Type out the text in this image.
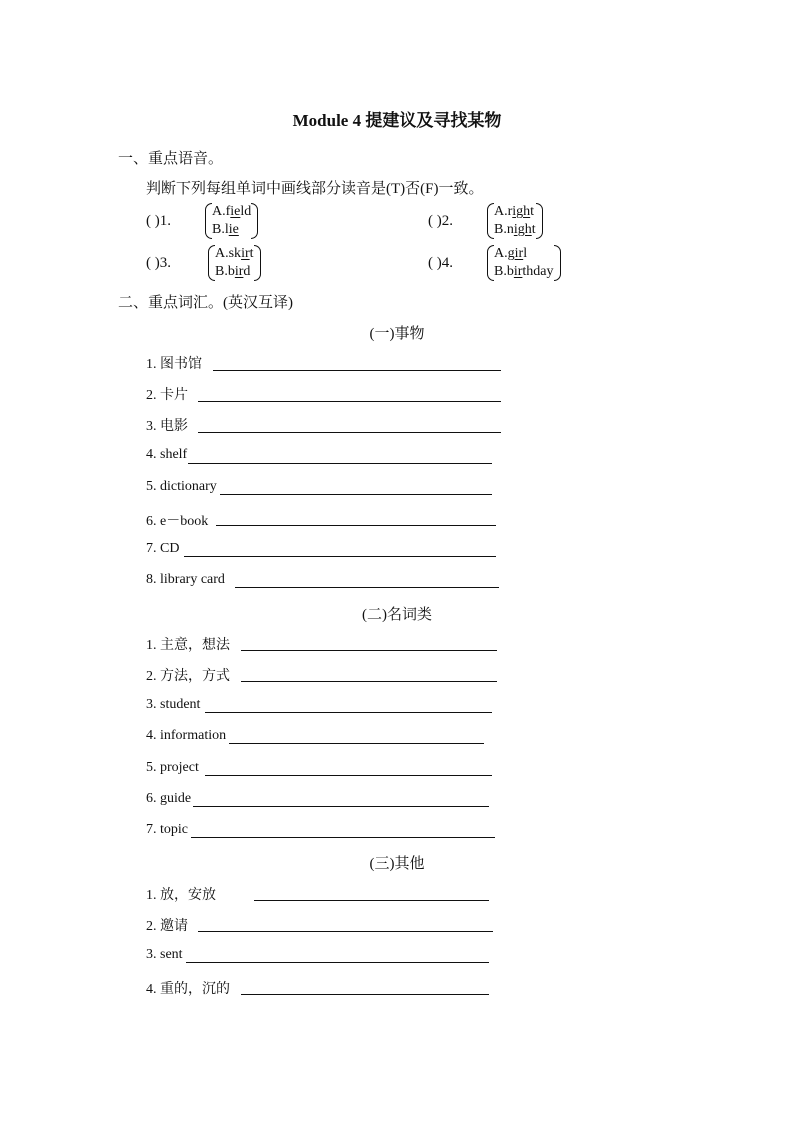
Module 4 提建议及寻找某物
一、重点语音。
判断下列每组单词中画线部分读音是(T)否(F)一致。
( )1.
A.field
B.lie
( )2.
A.right
B.night
( )3.
A.skirt
B.bird
( )4.
A.girl
B.birthday
二、重点词汇。(英汉互译)
(一)事物
1. 图书馆
2. 卡片
3. 电影
4. shelf
5. dictionary
6. e－book
7. CD
8. library card
(二)名词类
1. 主意，想法
2. 方法，方式
3. student
4. information
5. project
6. guide
7. topic
(三)其他
1. 放，安放
2. 邀请
3. sent
4. 重的，沉的
